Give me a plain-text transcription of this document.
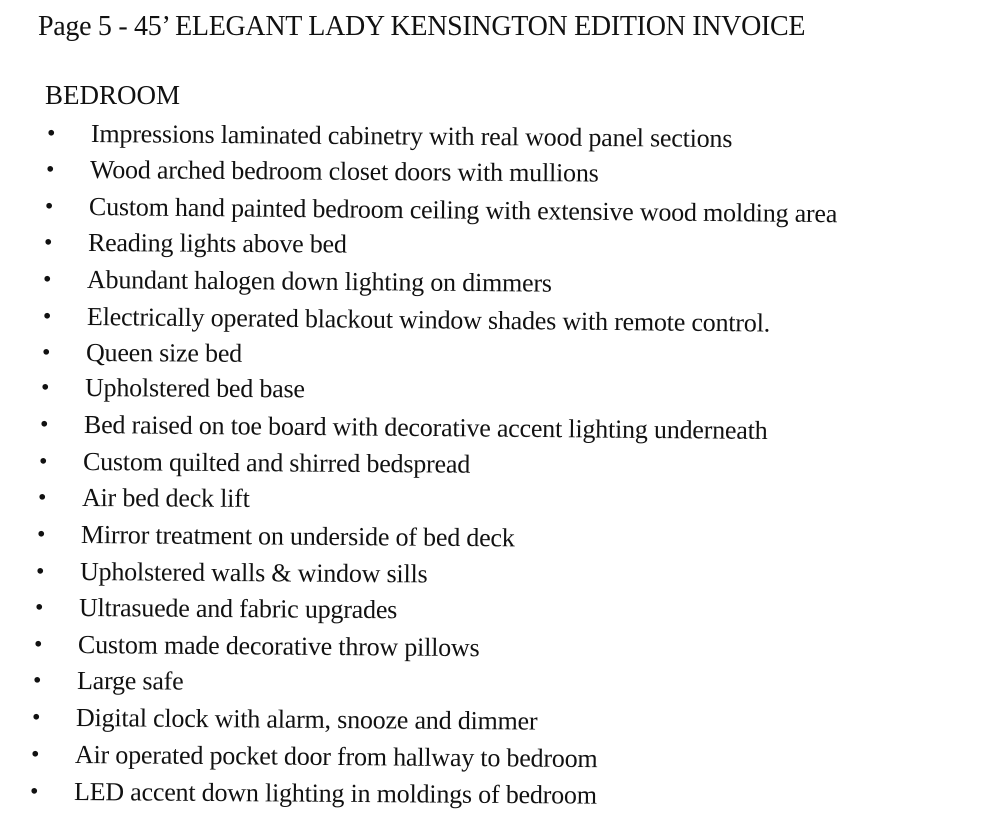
Page 5 - 45’ ELEGANT LADY KENSINGTON EDITION INVOICE
BEDROOM
• Impressions laminated cabinetry with real wood panel sections
• Wood arched bedroom closet doors with mullions
• Custom hand painted bedroom ceiling with extensive wood molding area
• Reading lights above bed
• Abundant halogen down lighting on dimmers
• Electrically operated blackout window shades with remote control.
• Queen size bed
• Upholstered bed base
• Bed raised on toe board with decorative accent lighting underneath
• Custom quilted and shirred bedspread
• Air bed deck lift
• Mirror treatment on underside of bed deck
• Upholstered walls & window sills
• Ultrasuede and fabric upgrades
• Custom made decorative throw pillows
• Large safe
• Digital clock with alarm, snooze and dimmer
• Air operated pocket door from hallway to bedroom
• LED accent down lighting in moldings of bedroom
